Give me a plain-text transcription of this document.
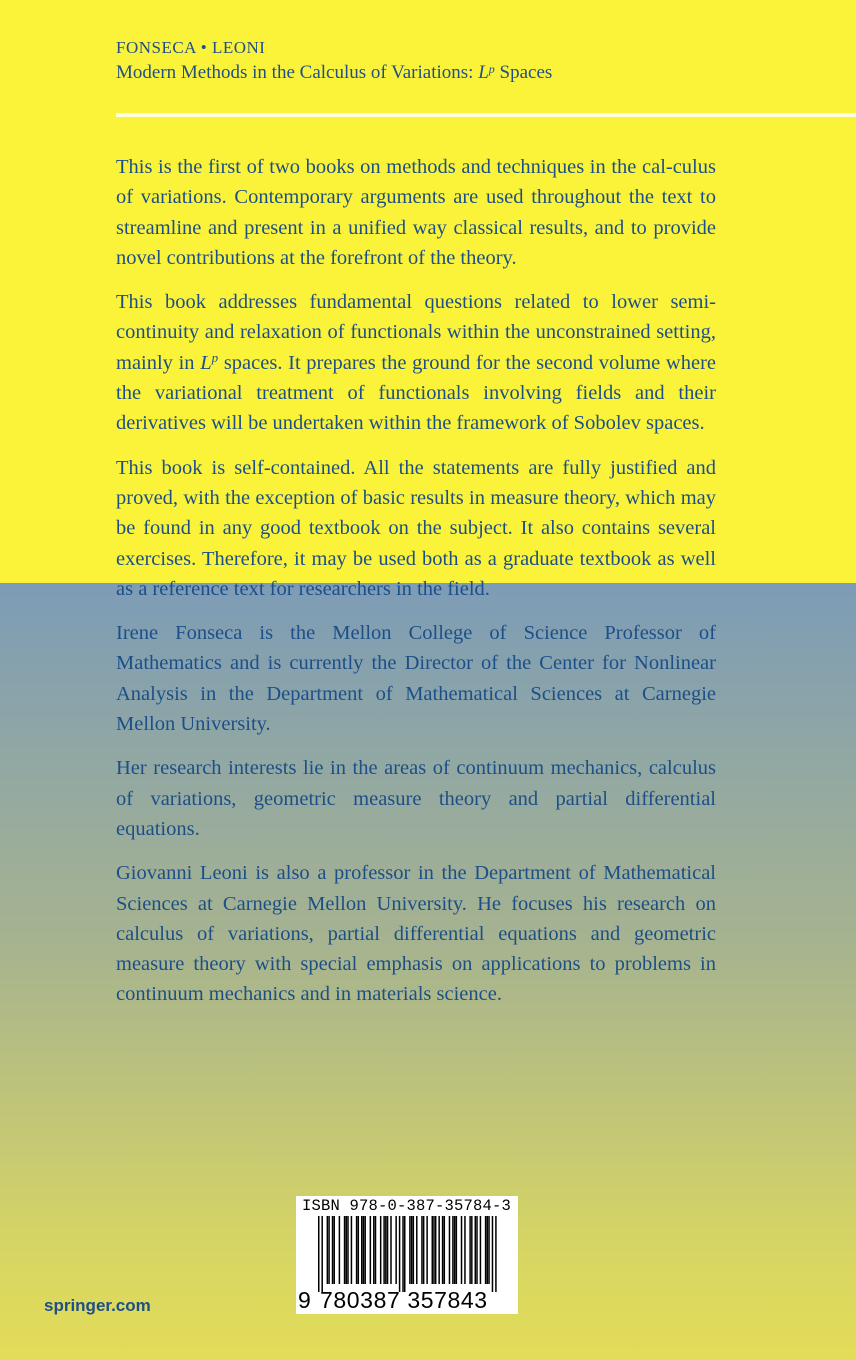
FONSECA • LEONI
Modern Methods in the Calculus of Variations: $L^p$ Spaces

This is the first of two books on methods and techniques in the cal-culus of variations. Contemporary arguments are used throughout the text to streamline and present in a unified way classical results, and to provide novel contributions at the forefront of the theory.

This book addresses fundamental questions related to lower semi-continuity and relaxation of functionals within the unconstrained setting, mainly in $L^p$ spaces. It prepares the ground for the second volume where the variational treatment of functionals involving fields and their derivatives will be undertaken within the framework of Sobolev spaces.

This book is self-contained. All the statements are fully justified and proved, with the exception of basic results in measure theory, which may be found in any good textbook on the subject. It also contains several exercises. Therefore, it may be used both as a graduate textbook as well as a reference text for researchers in the field.

Irene Fonseca is the Mellon College of Science Professor of Mathematics and is currently the Director of the Center for Nonlinear Analysis in the Department of Mathematical Sciences at Carnegie Mellon University.

Her research interests lie in the areas of continuum mechanics, calculus of variations, geometric measure theory and partial differential equations.

Giovanni Leoni is also a professor in the Department of Mathematical Sciences at Carnegie Mellon University. He focuses his research on calculus of variations, partial differential equations and geometric measure theory with special emphasis on applications to problems in continuum mechanics and in materials science.

springer.com
ISBN 978-0-387-35784-3
9 780387 357843
